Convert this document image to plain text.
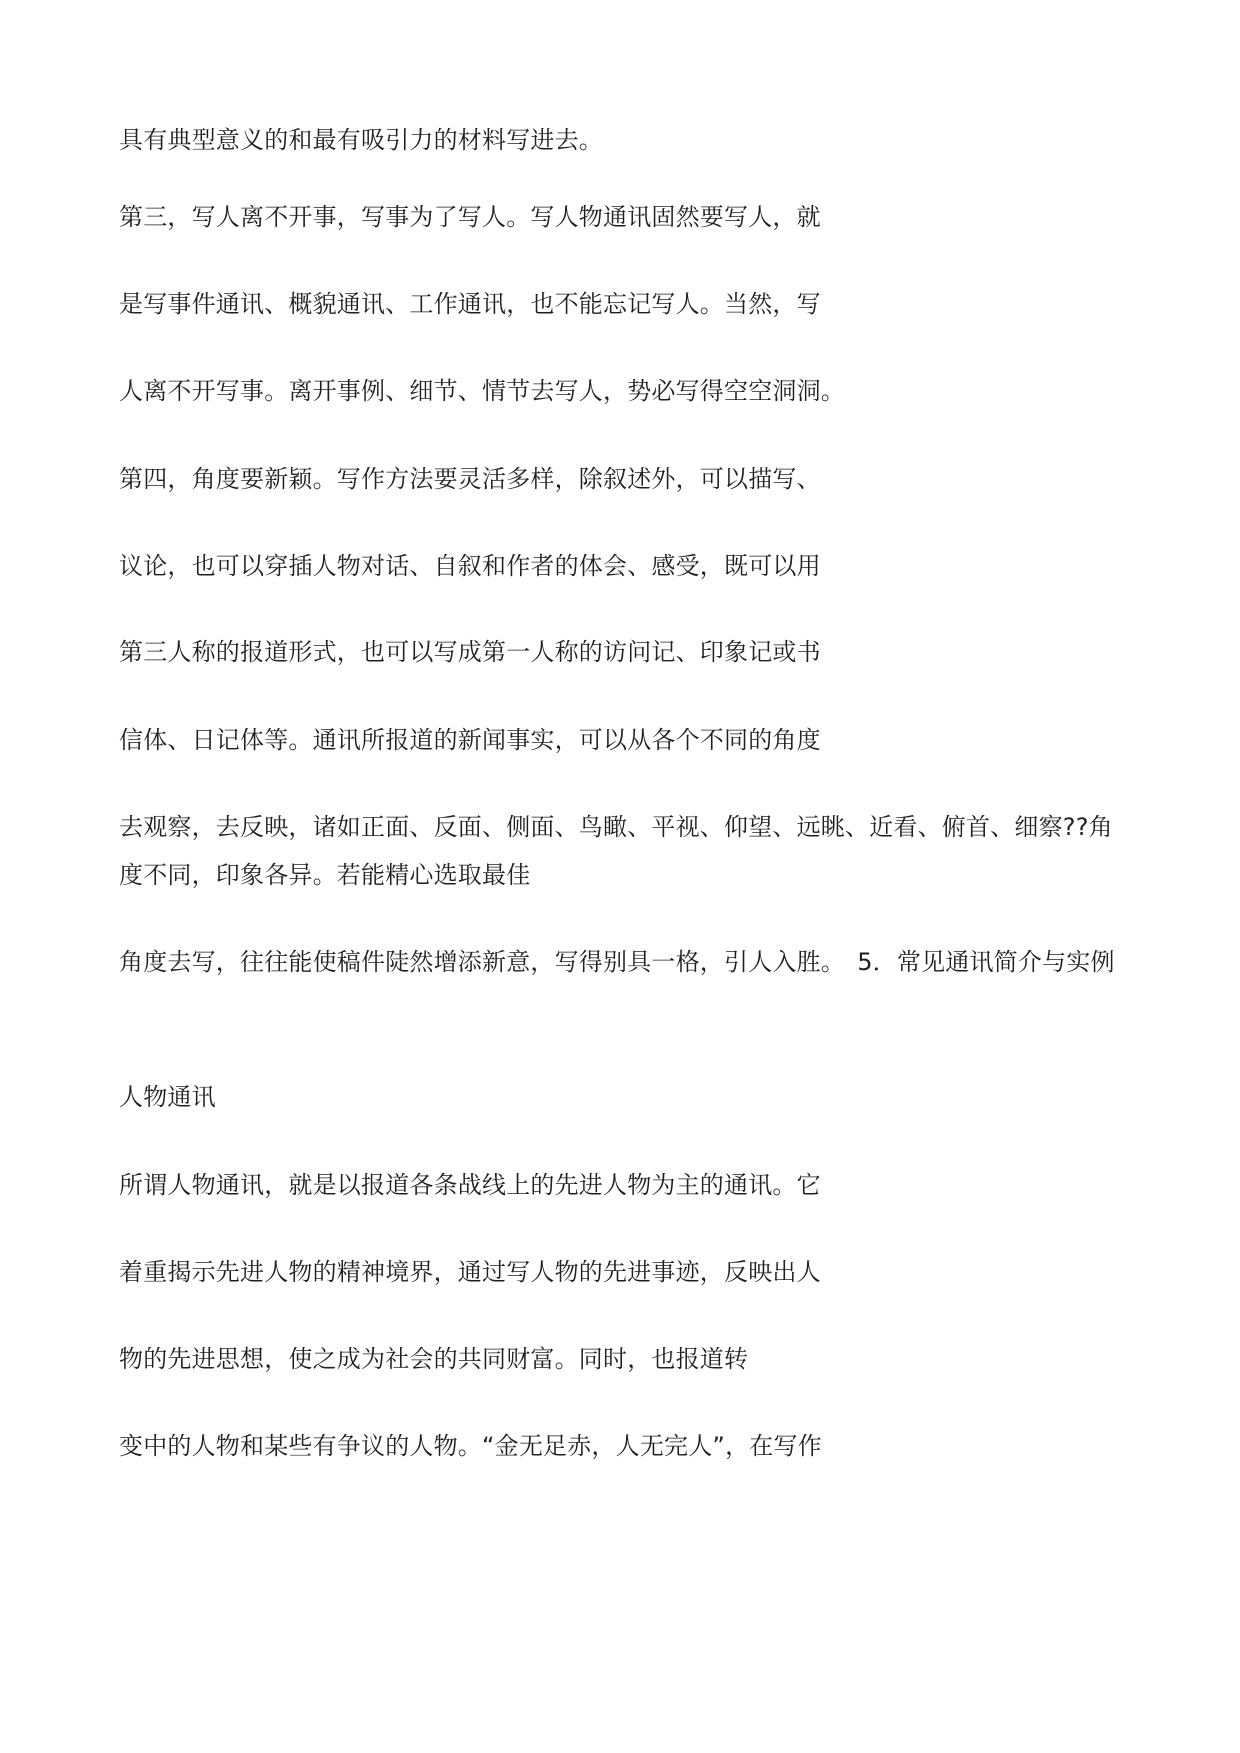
具有典型意义的和最有吸引力的材料写进去。

第三，写人离不开事，写事为了写人。写人物通讯固然要写人，就

是写事件通讯、概貌通讯、工作通讯，也不能忘记写人。当然，写

人离不开写事。离开事例、细节、情节去写人，势必写得空空洞洞。

第四，角度要新颖。写作方法要灵活多样，除叙述外，可以描写、

议论，也可以穿插人物对话、自叙和作者的体会、感受，既可以用

第三人称的报道形式，也可以写成第一人称的访问记、印象记或书

信体、日记体等。通讯所报道的新闻事实，可以从各个不同的角度

去观察，去反映，诸如正面、反面、侧面、鸟瞰、平视、仰望、远眺、近看、俯首、细察??角度不同，印象各异。若能精心选取最佳

角度去写，往往能使稿件陡然增添新意，写得别具一格，引人入胜。　5．常见通讯简介与实例

人物通讯

所谓人物通讯，就是以报道各条战线上的先进人物为主的通讯。它

着重揭示先进人物的精神境界，通过写人物的先进事迹，反映出人

物的先进思想，使之成为社会的共同财富。同时，也报道转

变中的人物和某些有争议的人物。“金无足赤，人无完人”，在写作
